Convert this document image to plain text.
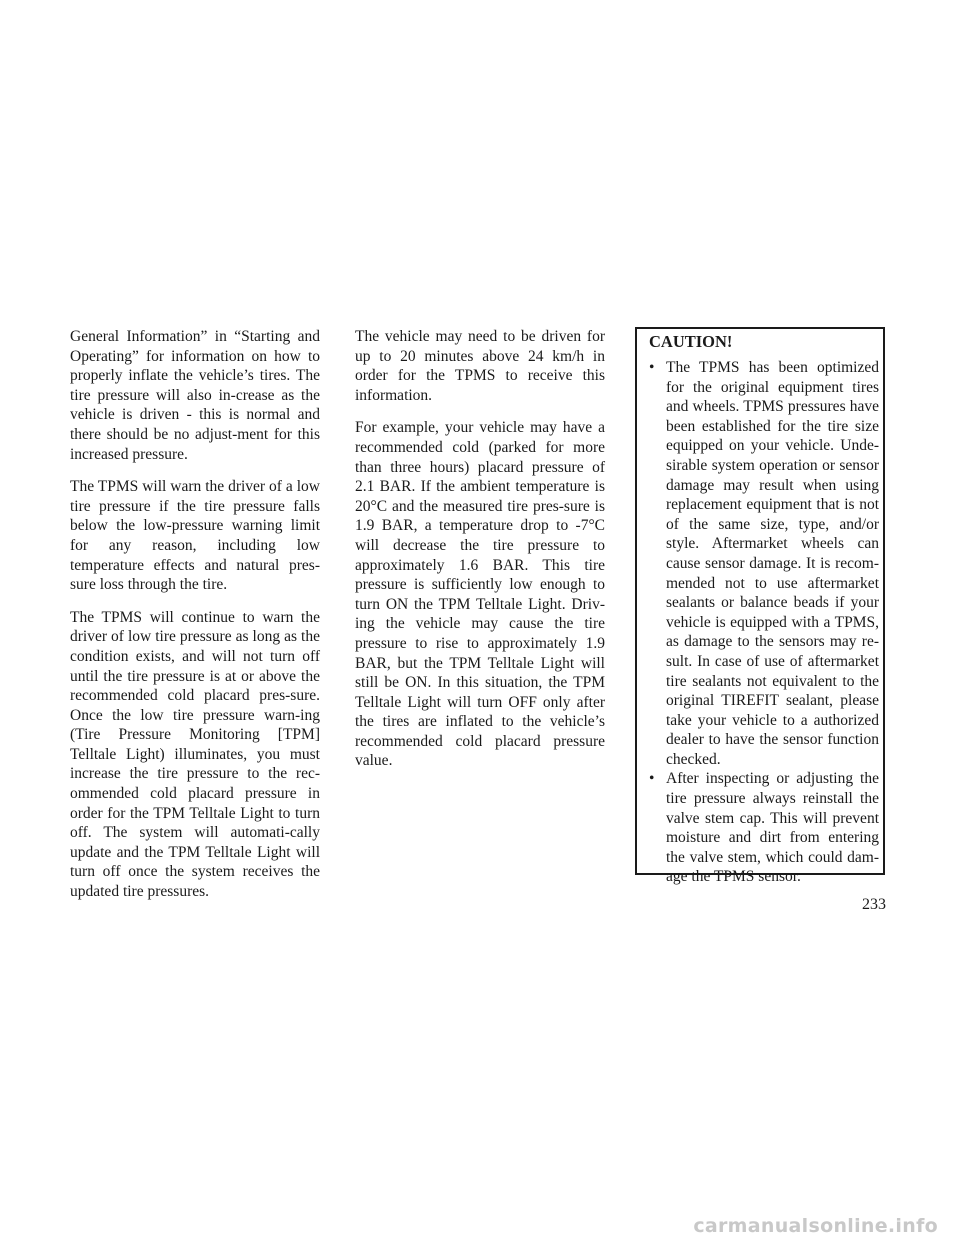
General Information” in “Starting and Operating” for information on how to properly inflate the vehicle’s tires. The tire pressure will also in-crease as the vehicle is driven - this is normal and there should be no adjust-ment for this increased pressure.

The TPMS will warn the driver of a low tire pressure if the tire pressure falls below the low-pressure warning limit for any reason, including low temperature effects and natural pres-sure loss through the tire.

The TPMS will continue to warn the driver of low tire pressure as long as the condition exists, and will not turn off until the tire pressure is at or above the recommended cold placard pres-sure. Once the low tire pressure warn-ing (Tire Pressure Monitoring [TPM] Telltale Light) illuminates, you must increase the tire pressure to the rec-ommended cold placard pressure in order for the TPM Telltale Light to turn off. The system will automati-cally update and the TPM Telltale Light will turn off once the system receives the updated tire pressures.

The vehicle may need to be driven for up to 20 minutes above 24 km/h in order for the TPMS to receive this information.

For example, your vehicle may have a recommended cold (parked for more than three hours) placard pressure of 2.1 BAR. If the ambient temperature is 20°C and the measured tire pres-sure is 1.9 BAR, a temperature drop to -7°C will decrease the tire pressure to approximately 1.6 BAR. This tire pressure is sufficiently low enough to turn ON the TPM Telltale Light. Driv-ing the vehicle may cause the tire pressure to rise to approximately 1.9 BAR, but the TPM Telltale Light will still be ON. In this situation, the TPM Telltale Light will turn OFF only after the tires are inflated to the vehicle’s recommended cold placard pressure value.

CAUTION!
• The TPMS has been optimized for the original equipment tires and wheels. TPMS pressures have been established for the tire size equipped on your vehicle. Unde-sirable system operation or sensor damage may result when using replacement equipment that is not of the same size, type, and/or style. Aftermarket wheels can cause sensor damage. It is recom-mended not to use aftermarket sealants or balance beads if your vehicle is equipped with a TPMS, as damage to the sensors may re-sult. In case of use of aftermarket tire sealants not equivalent to the original TIREFIT sealant, please take your vehicle to a authorized dealer to have the sensor function checked.
• After inspecting or adjusting the tire pressure always reinstall the valve stem cap. This will prevent moisture and dirt from entering the valve stem, which could dam-age the TPMS sensor.
233
carmanualsonline.info
